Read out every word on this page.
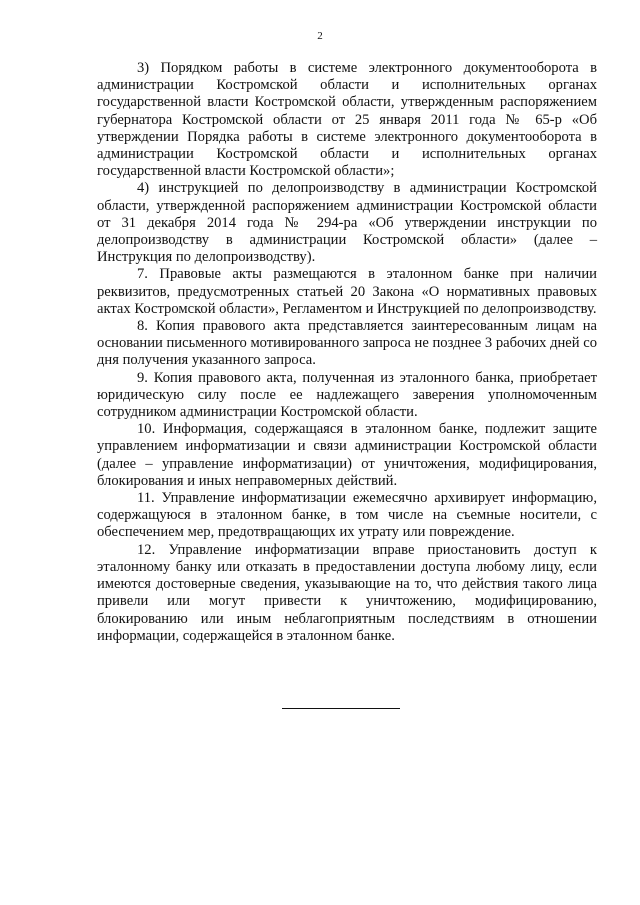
2

3) Порядком работы в системе электронного документооборота в администрации Костромской области и исполнительных органах государственной власти Костромской области, утвержденным распоряжением губернатора Костромской области от 25 января 2011 года № 65-р «Об утверждении Порядка работы в системе электронного документооборота в администрации Костромской области и исполнительных органах государственной власти Костромской области»;

4) инструкцией по делопроизводству в администрации Костромской области, утвержденной распоряжением администрации Костромской области от 31 декабря 2014 года № 294-ра «Об утверждении инструкции по делопроизводству в администрации Костромской области» (далее – Инструкция по делопроизводству).

7. Правовые акты размещаются в эталонном банке при наличии реквизитов, предусмотренных статьей 20 Закона «О нормативных правовых актах Костромской области», Регламентом и Инструкцией по делопроизводству.

8. Копия правового акта представляется заинтересованным лицам на основании письменного мотивированного запроса не позднее 3 рабочих дней со дня получения указанного запроса.

9. Копия правового акта, полученная из эталонного банка, приобретает юридическую силу после ее надлежащего заверения уполномоченным сотрудником администрации Костромской области.

10. Информация, содержащаяся в эталонном банке, подлежит защите управлением информатизации и связи администрации Костромской области (далее – управление информатизации) от уничтожения, модифицирования, блокирования и иных неправомерных действий.

11. Управление информатизации ежемесячно архивирует информацию, содержащуюся в эталонном банке, в том числе на съемные носители, с обеспечением мер, предотвращающих их утрату или повреждение.

12. Управление информатизации вправе приостановить доступ к эталонному банку или отказать в предоставлении доступа любому лицу, если имеются достоверные сведения, указывающие на то, что действия такого лица привели или могут привести к уничтожению, модифицированию, блокированию или иным неблагоприятным последствиям в отношении информации, содержащейся в эталонном банке.
